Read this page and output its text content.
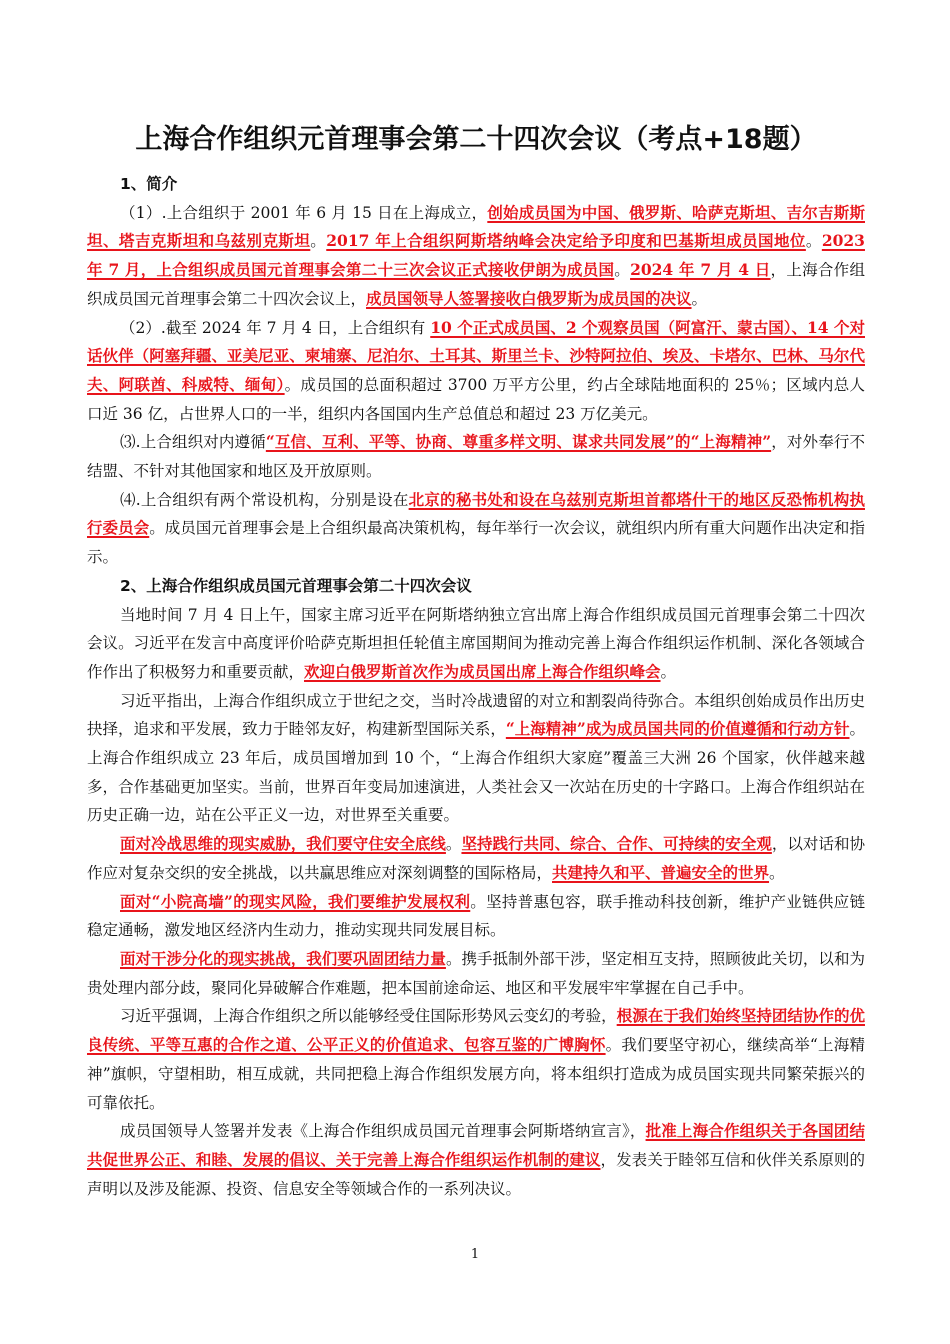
上海合作组织元首理事会第二十四次会议（考点+18题）
1、简介

（1）.上合组织于 2001 年 6 月 15 日在上海成立，创始成员国为中国、俄罗斯、哈萨克斯坦、吉尔吉斯斯坦、塔吉克斯坦和乌兹别克斯坦。2017 年上合组织阿斯塔纳峰会决定给予印度和巴基斯坦成员国地位。2023 年 7 月，上合组织成员国元首理事会第二十三次会议正式接收伊朗为成员国。2024 年 7 月 4 日，上海合作组织成员国元首理事会第二十四次会议上，成员国领导人签署接收白俄罗斯为成员国的决议。

（2）.截至 2024 年 7 月 4 日，上合组织有 10 个正式成员国、2 个观察员国（阿富汗、蒙古国）、14 个对话伙伴（阿塞拜疆、亚美尼亚、柬埔寨、尼泊尔、土耳其、斯里兰卡、沙特阿拉伯、埃及、卡塔尔、巴林、马尔代夫、阿联酋、科威特、缅甸）。成员国的总面积超过 3700 万平方公里，约占全球陆地面积的 25％；区域内总人口近 36 亿，占世界人口的一半，组织内各国国内生产总值总和超过 23 万亿美元。

⑶.上合组织对内遵循“互信、互利、平等、协商、尊重多样文明、谋求共同发展”的“上海精神”，对外奉行不结盟、不针对其他国家和地区及开放原则。

⑷.上合组织有两个常设机构，分别是设在北京的秘书处和设在乌兹别克斯坦首都塔什干的地区反恐怖机构执行委员会。成员国元首理事会是上合组织最高决策机构，每年举行一次会议，就组织内所有重大问题作出决定和指示。

2、上海合作组织成员国元首理事会第二十四次会议

当地时间 7 月 4 日上午，国家主席习近平在阿斯塔纳独立宫出席上海合作组织成员国元首理事会第二十四次会议。习近平在发言中高度评价哈萨克斯坦担任轮值主席国期间为推动完善上海合作组织运作机制、深化各领域合作作出了积极努力和重要贡献，欢迎白俄罗斯首次作为成员国出席上海合作组织峰会。

习近平指出，上海合作组织成立于世纪之交，当时冷战遗留的对立和割裂尚待弥合。本组织创始成员作出历史抉择，追求和平发展，致力于睦邻友好，构建新型国际关系，“上海精神”成为成员国共同的价值遵循和行动方针。上海合作组织成立 23 年后，成员国增加到 10 个，“上海合作组织大家庭”覆盖三大洲 26 个国家，伙伴越来越多，合作基础更加坚实。当前，世界百年变局加速演进，人类社会又一次站在历史的十字路口。上海合作组织站在历史正确一边，站在公平正义一边，对世界至关重要。

面对冷战思维的现实威胁，我们要守住安全底线。坚持践行共同、综合、合作、可持续的安全观，以对话和协作应对复杂交织的安全挑战，以共赢思维应对深刻调整的国际格局，共建持久和平、普遍安全的世界。

面对“小院高墙”的现实风险，我们要维护发展权利。坚持普惠包容，联手推动科技创新，维护产业链供应链稳定通畅，激发地区经济内生动力，推动实现共同发展目标。

面对干涉分化的现实挑战，我们要巩固团结力量。携手抵制外部干涉，坚定相互支持，照顾彼此关切，以和为贵处理内部分歧，聚同化异破解合作难题，把本国前途命运、地区和平发展牢牢掌握在自己手中。

习近平强调，上海合作组织之所以能够经受住国际形势风云变幻的考验，根源在于我们始终坚持团结协作的优良传统、平等互惠的合作之道、公平正义的价值追求、包容互鉴的广博胸怀。我们要坚守初心，继续高举“上海精神”旗帜，守望相助，相互成就，共同把稳上海合作组织发展方向，将本组织打造成为成员国实现共同繁荣振兴的可靠依托。

成员国领导人签署并发表《上海合作组织成员国元首理事会阿斯塔纳宣言》，批准上海合作组织关于各国团结共促世界公正、和睦、发展的倡议、关于完善上海合作组织运作机制的建议，发表关于睦邻互信和伙伴关系原则的声明以及涉及能源、投资、信息安全等领域合作的一系列决议。

1
